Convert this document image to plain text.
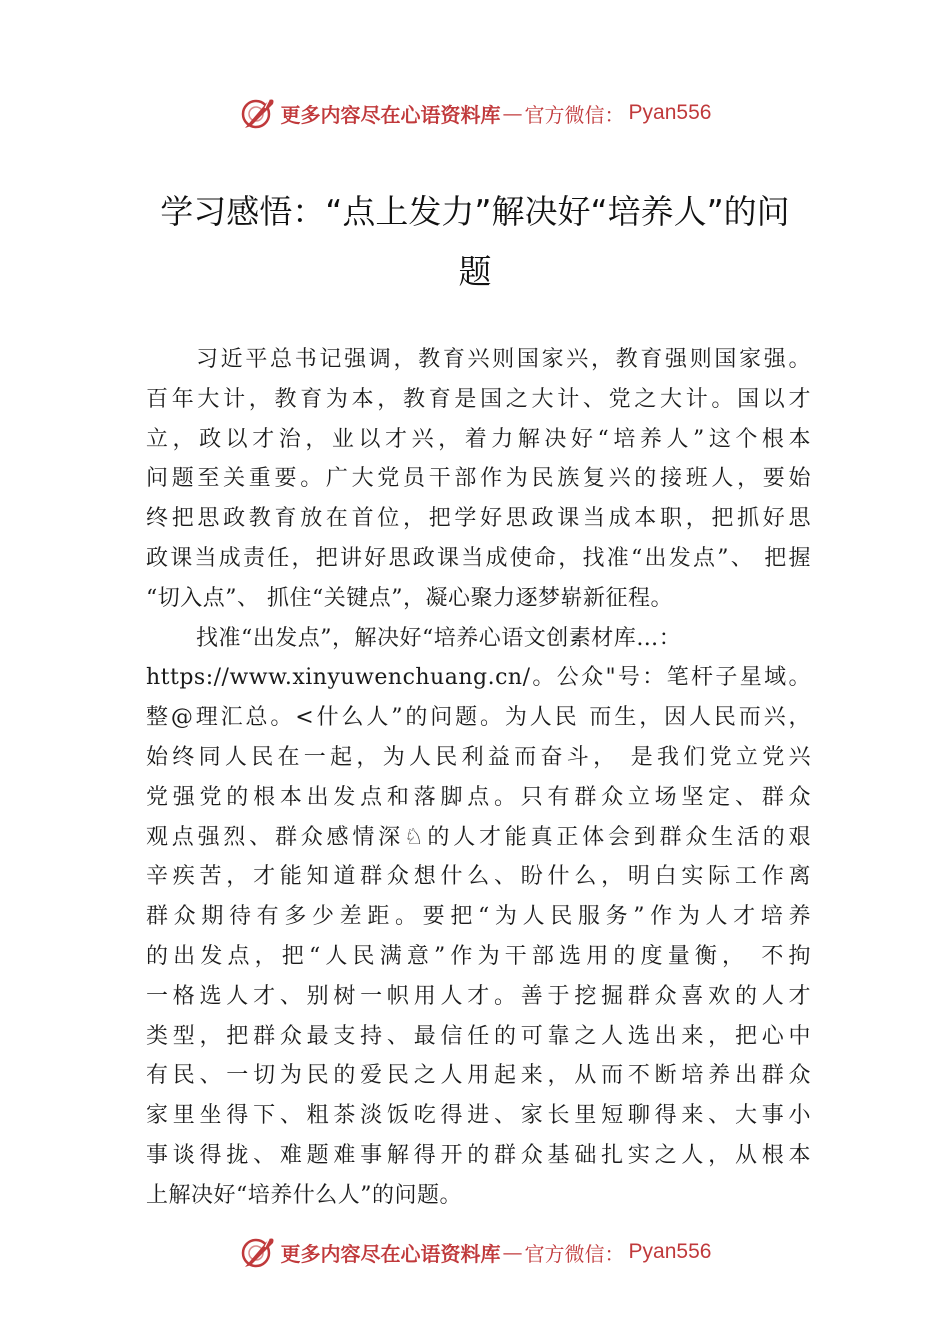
更多内容尽在心语资料库 — 官方微信： Pyan556
学习感悟：“点上发力”解决好“培养人”的问
题
习近平总书记强调，教育兴则国家兴，教育强则国家强。
百年大计，教育为本，教育是国之大计、党之大计。国以才
立，政以才治，业以才兴，着力解决好“培养人”这个根本
问题至关重要。广大党员干部作为民族复兴的接班人，要始
终把思政教育放在首位，把学好思政课当成本职，把抓好思
政课当成责任，把讲好思政课当成使命，找准“出发点”、 把握
“切入点”、 抓住“关键点”，凝心聚力逐梦崭新征程。
找准“出发点”，解决好“培养心语文创素材库…：
https://www.xinyuwenchuang.cn/。公众"号：笔杆子星域。
整@理汇总。<什么人”的问题。为人民 而生，因人民而兴，
始终同人民在一起，为人民利益而奋斗， 是我们党立党兴
党强党的根本出发点和落脚点。只有群众立场坚定、群众
观点强烈、群众感情深♘的人才能真正体会到群众生活的艰
辛疾苦，才能知道群众想什么、盼什么，明白实际工作离
群众期待有多少差距。要把“为人民服务”作为人才培养
的出发点，把“人民满意”作为干部选用的度量衡， 不拘
一格选人才、别树一帜用人才。善于挖掘群众喜欢的人才
类型，把群众最支持、最信任的可靠之人选出来，把心中
有民、一切为民的爱民之人用起来，从而不断培养出群众
家里坐得下、粗茶淡饭吃得进、家长里短聊得来、大事小
事谈得拢、难题难事解得开的群众基础扎实之人，从根本
上解决好“培养什么人”的问题。
更多内容尽在心语资料库 — 官方微信： Pyan556
